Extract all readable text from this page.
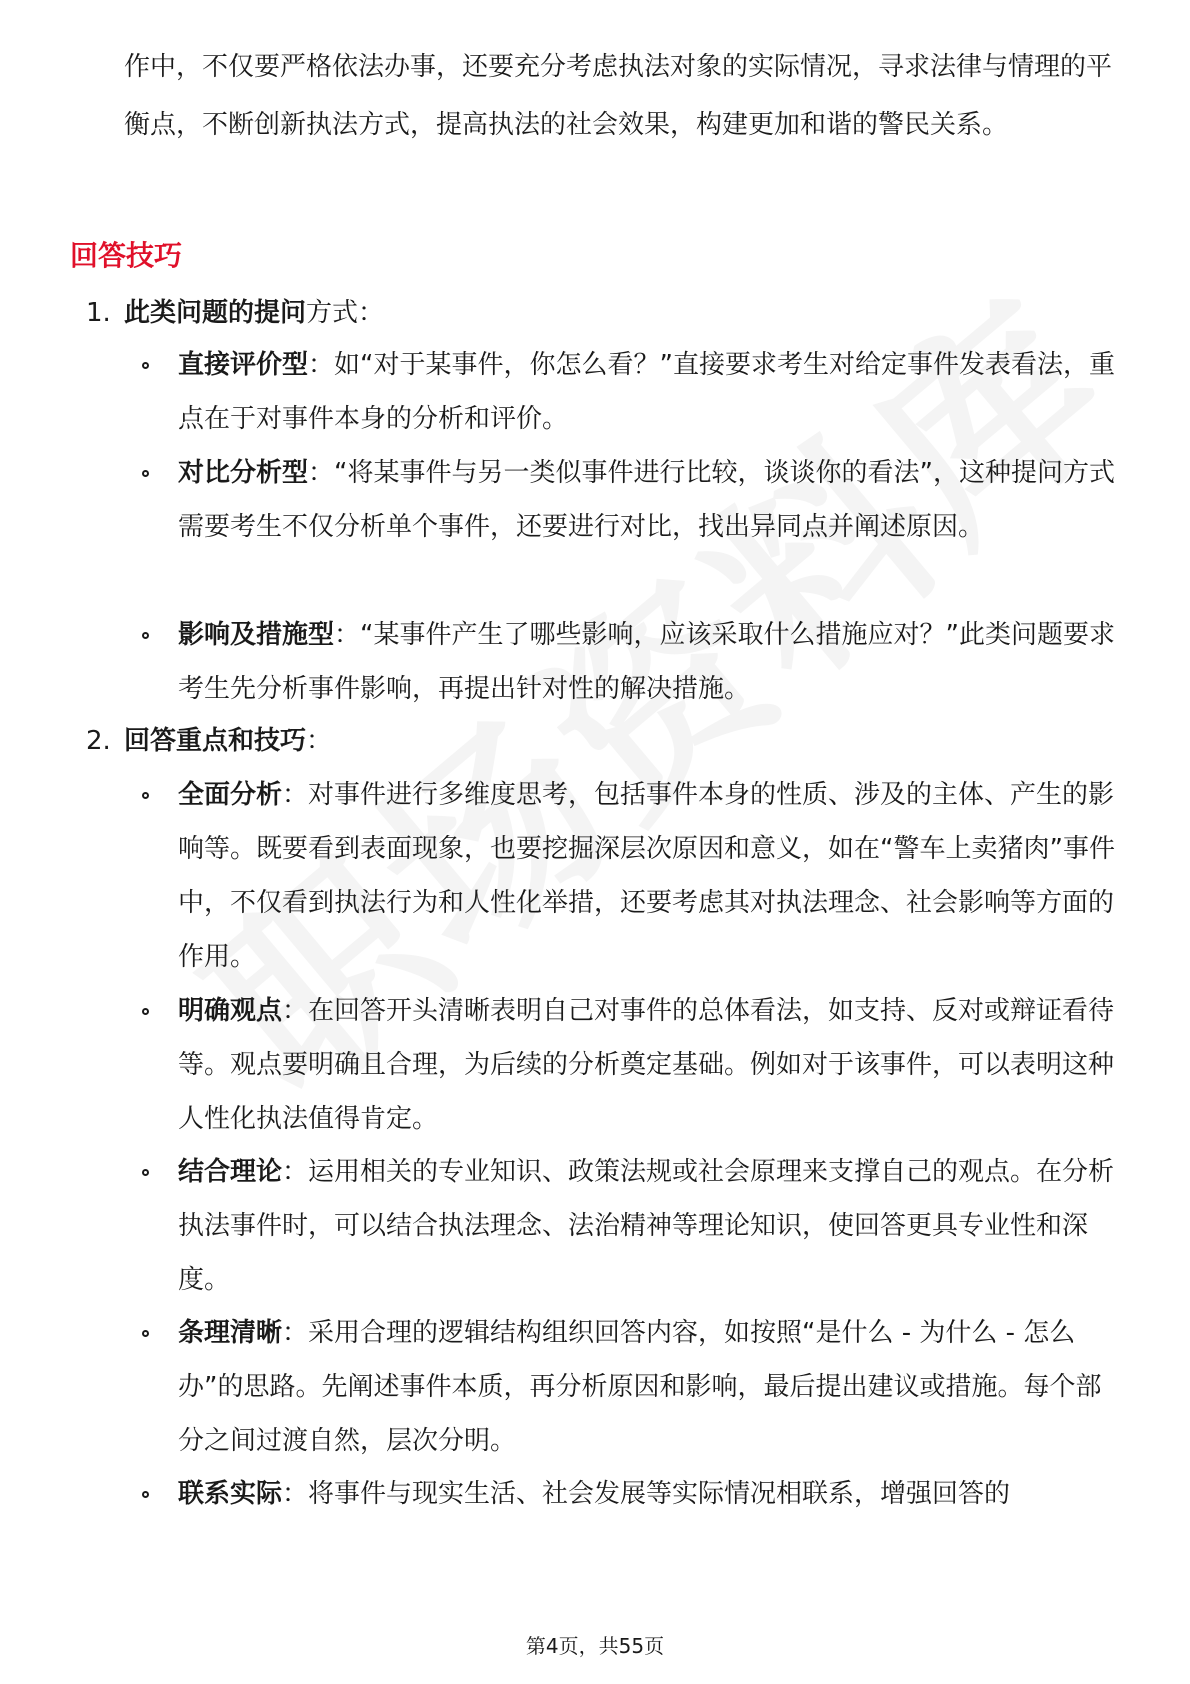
作中，不仅要严格依法办事，还要充分考虑执法对象的实际情况，寻求法律与情理的平衡点，不断创新执法方式，提高执法的社会效果，构建更加和谐的警民关系。

回答技巧
1. 此类问题的提问方式：
直接评价型：如“对于某事件，你怎么看？”直接要求考生对给定事件发表看法，重点在于对事件本身的分析和评价。
对比分析型：“将某事件与另一类似事件进行比较，谈谈你的看法”，这种提问方式需要考生不仅分析单个事件，还要进行对比，找出异同点并阐述原因。
影响及措施型：“某事件产生了哪些影响，应该采取什么措施应对？”此类问题要求考生先分析事件影响，再提出针对性的解决措施。
2. 回答重点和技巧：
全面分析：对事件进行多维度思考，包括事件本身的性质、涉及的主体、产生的影响等。既要看到表面现象，也要挖掘深层次原因和意义，如在“警车上卖猪肉”事件中，不仅看到执法行为和人性化举措，还要考虑其对执法理念、社会影响等方面的作用。
明确观点：在回答开头清晰表明自己对事件的总体看法，如支持、反对或辩证看待等。观点要明确且合理，为后续的分析奠定基础。例如对于该事件，可以表明这种人性化执法值得肯定。
结合理论：运用相关的专业知识、政策法规或社会原理来支撑自己的观点。在分析执法事件时，可以结合执法理念、法治精神等理论知识，使回答更具专业性和深度。
条理清晰：采用合理的逻辑结构组织回答内容，如按照“是什么 - 为什么 - 怎么办”的思路。先阐述事件本质，再分析原因和影响，最后提出建议或措施。每个部分之间过渡自然，层次分明。
联系实际：将事件与现实生活、社会发展等实际情况相联系，增强回答的
第4页，共55页
